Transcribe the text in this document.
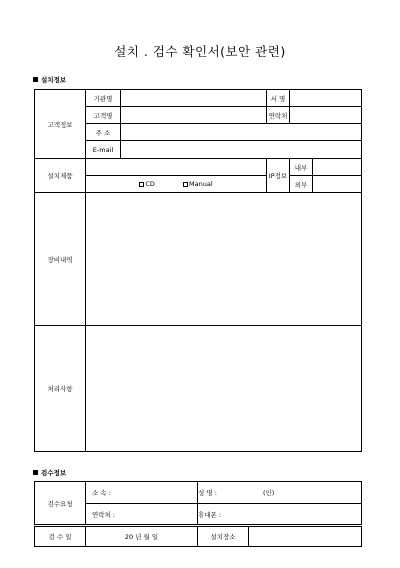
설치 . 검수 확인서(보안 관련)
설치정보
고객정보	기관명		서 명		
	고객명		연락처		
	주 소				
	E-mail				
설치제품			IP정보	내부	
	CD Manual			외부	
장비내역					
처리사항					
검수정보
검수요청	소 속 :	성 명 : (인)
	연락처 :	휴대폰 :
검 수 일	20 년 월 일	설치장소	
